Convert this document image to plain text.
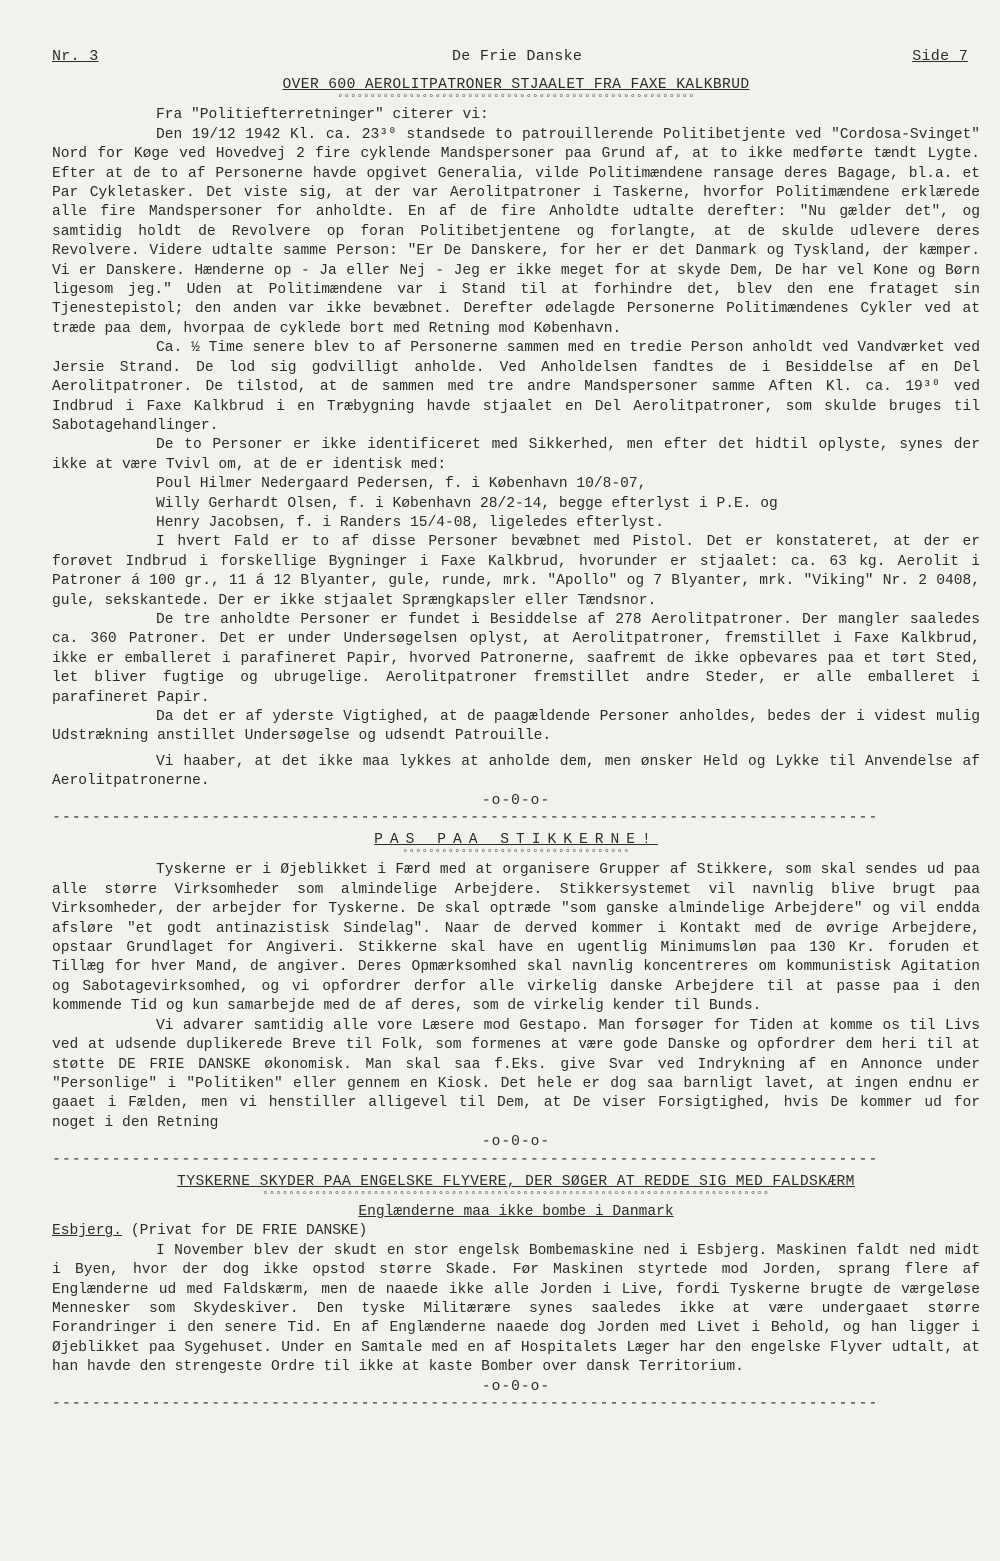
Nr. 3	De Frie Danske	Side 7
OVER 600 AEROLITPATRONER STJAALET FRA FAXE KALKBRUD
°°°°°°°°°°°°°°°°°°°°°°°°°°°°°°°°°°°°°°°°°°°°°°°°°°°°°°°

Fra "Politiefterretninger" citerer vi:

Den 19/12 1942 Kl. ca. 23³⁰ standsede to patrouillerende Politibetjente ved "Cordosa-Svinget" Nord for Køge ved Hovedvej 2 fire cyklende Mandspersoner paa Grund af, at to ikke medførte tændt Lygte. Efter at de to af Personerne havde opgivet Generalia, vilde Politimændene ransage deres Bagage, bl.a. et Par Cykletasker. Det viste sig, at der var Aerolitpatroner i Taskerne, hvorfor Politimændene erklærede alle fire Mandspersoner for anholdte. En af de fire Anholdte udtalte derefter: "Nu gælder det", og samtidig holdt de Revolvere op foran Politibetjentene og forlangte, at de skulde udlevere deres Revolvere. Videre udtalte samme Person: "Er De Danskere, for her er det Danmark og Tyskland, der kæmper. Vi er Danskere. Hænderne op - Ja eller Nej - Jeg er ikke meget for at skyde Dem, De har vel Kone og Børn ligesom jeg." Uden at Politimændene var i Stand til at forhindre det, blev den ene frataget sin Tjenestepistol; den anden var ikke bevæbnet. Derefter ødelagde Personerne Politimændenes Cykler ved at træde paa dem, hvorpaa de cyklede bort med Retning mod København.

Ca. ½ Time senere blev to af Personerne sammen med en tredie Person anholdt ved Vandværket ved Jersie Strand. De lod sig godvilligt anholde. Ved Anholdelsen fandtes de i Besiddelse af en Del Aerolitpatroner. De tilstod, at de sammen med tre andre Mandspersoner samme Aften Kl. ca. 19³⁰ ved Indbrud i Faxe Kalkbrud i en Træbygning havde stjaalet en Del Aerolitpatroner, som skulde bruges til Sabotagehandlinger.

De to Personer er ikke identificeret med Sikkerhed, men efter det hidtil oplyste, synes der ikke at være Tvivl om, at de er identisk med:

Poul Hilmer Nedergaard Pedersen, f. i København 10/8-07,

Willy Gerhardt Olsen, f. i København 28/2-14, begge efterlyst i P.E. og

Henry Jacobsen, f. i Randers 15/4-08, ligeledes efterlyst.

I hvert Fald er to af disse Personer bevæbnet med Pistol. Det er konstateret, at der er forøvet Indbrud i forskellige Bygninger i Faxe Kalkbrud, hvorunder er stjaalet: ca. 63 kg. Aerolit i Patroner á 100 gr., 11 á 12 Blyanter, gule, runde, mrk. "Apollo" og 7 Blyanter, mrk. "Viking" Nr. 2 0408, gule, sekskantede. Der er ikke stjaalet Sprængkapsler eller Tændsnor.

De tre anholdte Personer er fundet i Besiddelse af 278 Aerolitpatroner. Der mangler saaledes ca. 360 Patroner. Det er under Undersøgelsen oplyst, at Aerolitpatroner, fremstillet i Faxe Kalkbrud, ikke er emballeret i parafineret Papir, hvorved Patronerne, saafremt de ikke opbevares paa et tørt Sted, let bliver fugtige og ubrugelige. Aerolitpatroner fremstillet andre Steder, er alle emballeret i parafineret Papir.

Da det er af yderste Vigtighed, at de paagældende Personer anholdes, bedes der i videst mulig Udstrækning anstillet Undersøgelse og udsendt Patrouille.

Vi haaber, at det ikke maa lykkes at anholde dem, men ønsker Held og Lykke til Anvendelse af Aerolitpatronerne.

-o-0-o-
-----------------------------------------------------------------------------------
PAS PAA STIKKERNE!
°°°°°°°°°°°°°°°°°°°°°°°°°°°°°°°°°°°

Tyskerne er i Øjeblikket i Færd med at organisere Grupper af Stikkere, som skal sendes ud paa alle større Virksomheder som almindelige Arbejdere. Stikkersystemet vil navnlig blive brugt paa Virksomheder, der arbejder for Tyskerne. De skal optræde "som ganske almindelige Arbejdere" og vil endda afsløre "et godt antinazistisk Sindelag". Naar de derved kommer i Kontakt med de øvrige Arbejdere, opstaar Grundlaget for Angiveri. Stikkerne skal have en ugentlig Minimumsløn paa 130 Kr. foruden et Tillæg for hver Mand, de angiver. Deres Opmærksomhed skal navnlig koncentreres om kommunistisk Agitation og Sabotagevirksomhed, og vi opfordrer derfor alle virkelig danske Arbejdere til at passe paa i den kommende Tid og kun samarbejde med de af deres, som de virkelig kender til Bunds.

Vi advarer samtidig alle vore Læsere mod Gestapo. Man forsøger for Tiden at komme os til Livs ved at udsende duplikerede Breve til Folk, som formenes at være gode Danske og opfordrer dem heri til at støtte DE FRIE DANSKE økonomisk. Man skal saa f.Eks. give Svar ved Indrykning af en Annonce under "Personlige" i "Politiken" eller gennem en Kiosk. Det hele er dog saa barnligt lavet, at ingen endnu er gaaet i Fælden, men vi henstiller alligevel til Dem, at De viser Forsigtighed, hvis De kommer ud for noget i den Retning

-o-0-o-
-----------------------------------------------------------------------------------
TYSKERNE SKYDER PAA ENGELSKE FLYVERE, DER SØGER AT REDDE SIG MED FALDSKÆRM
°°°°°°°°°°°°°°°°°°°°°°°°°°°°°°°°°°°°°°°°°°°°°°°°°°°°°°°°°°°°°°°°°°°°°°°°°°°°°°
Englænderne maa ikke bombe i Danmark
Esbjerg. (Privat for DE FRIE DANSKE)

I November blev der skudt en stor engelsk Bombemaskine ned i Esbjerg. Maskinen faldt ned midt i Byen, hvor der dog ikke opstod større Skade. Før Maskinen styrtede mod Jorden, sprang flere af Englænderne ud med Faldskærm, men de naaede ikke alle Jorden i Live, fordi Tyskerne brugte de værgeløse Mennesker som Skydeskiver. Den tyske Militærære synes saaledes ikke at være undergaaet større Forandringer i den senere Tid. En af Englænderne naaede dog Jorden med Livet i Behold, og han ligger i Øjeblikket paa Sygehuset. Under en Samtale med en af Hospitalets Læger har den engelske Flyver udtalt, at han havde den strengeste Ordre til ikke at kaste Bomber over dansk Territorium.

-o-0-o-
-----------------------------------------------------------------------------------
